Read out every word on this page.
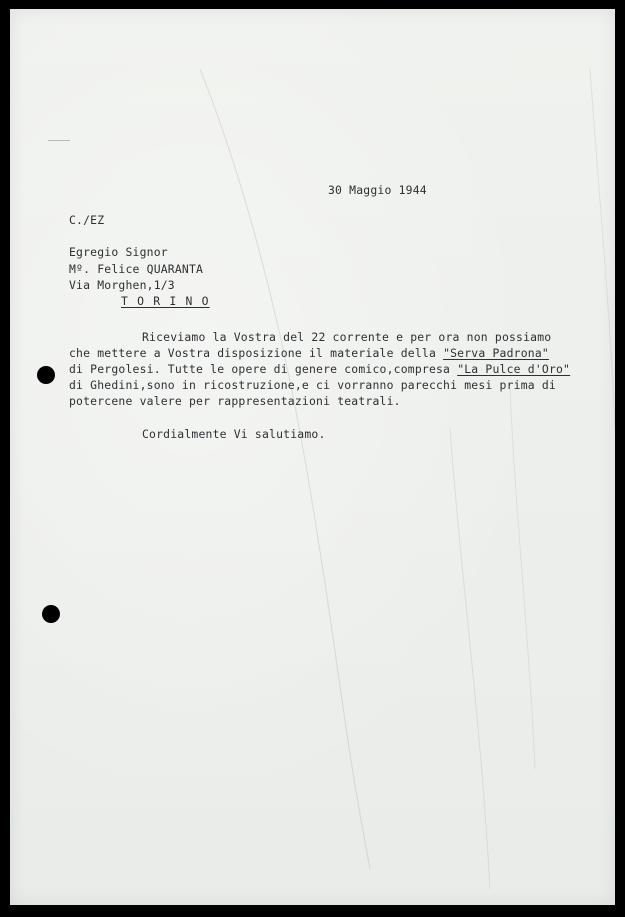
30 Maggio 1944
C./EZ
Egregio Signor
Mº. Felice QUARANTA
Via Morghen,1/3
T O R I N O
Riceviamo la Vostra del 22 corrente e per ora non possiamo
che mettere a Vostra disposizione il materiale della "Serva Padrona"
di Pergolesi. Tutte le opere di genere comico,compresa "La Pulce d'Oro"
di Ghedini,sono in ricostruzione,e ci vorranno parecchi mesi prima di
potercene valere per rappresentazioni teatrali.
Cordialmente Vi salutiamo.
